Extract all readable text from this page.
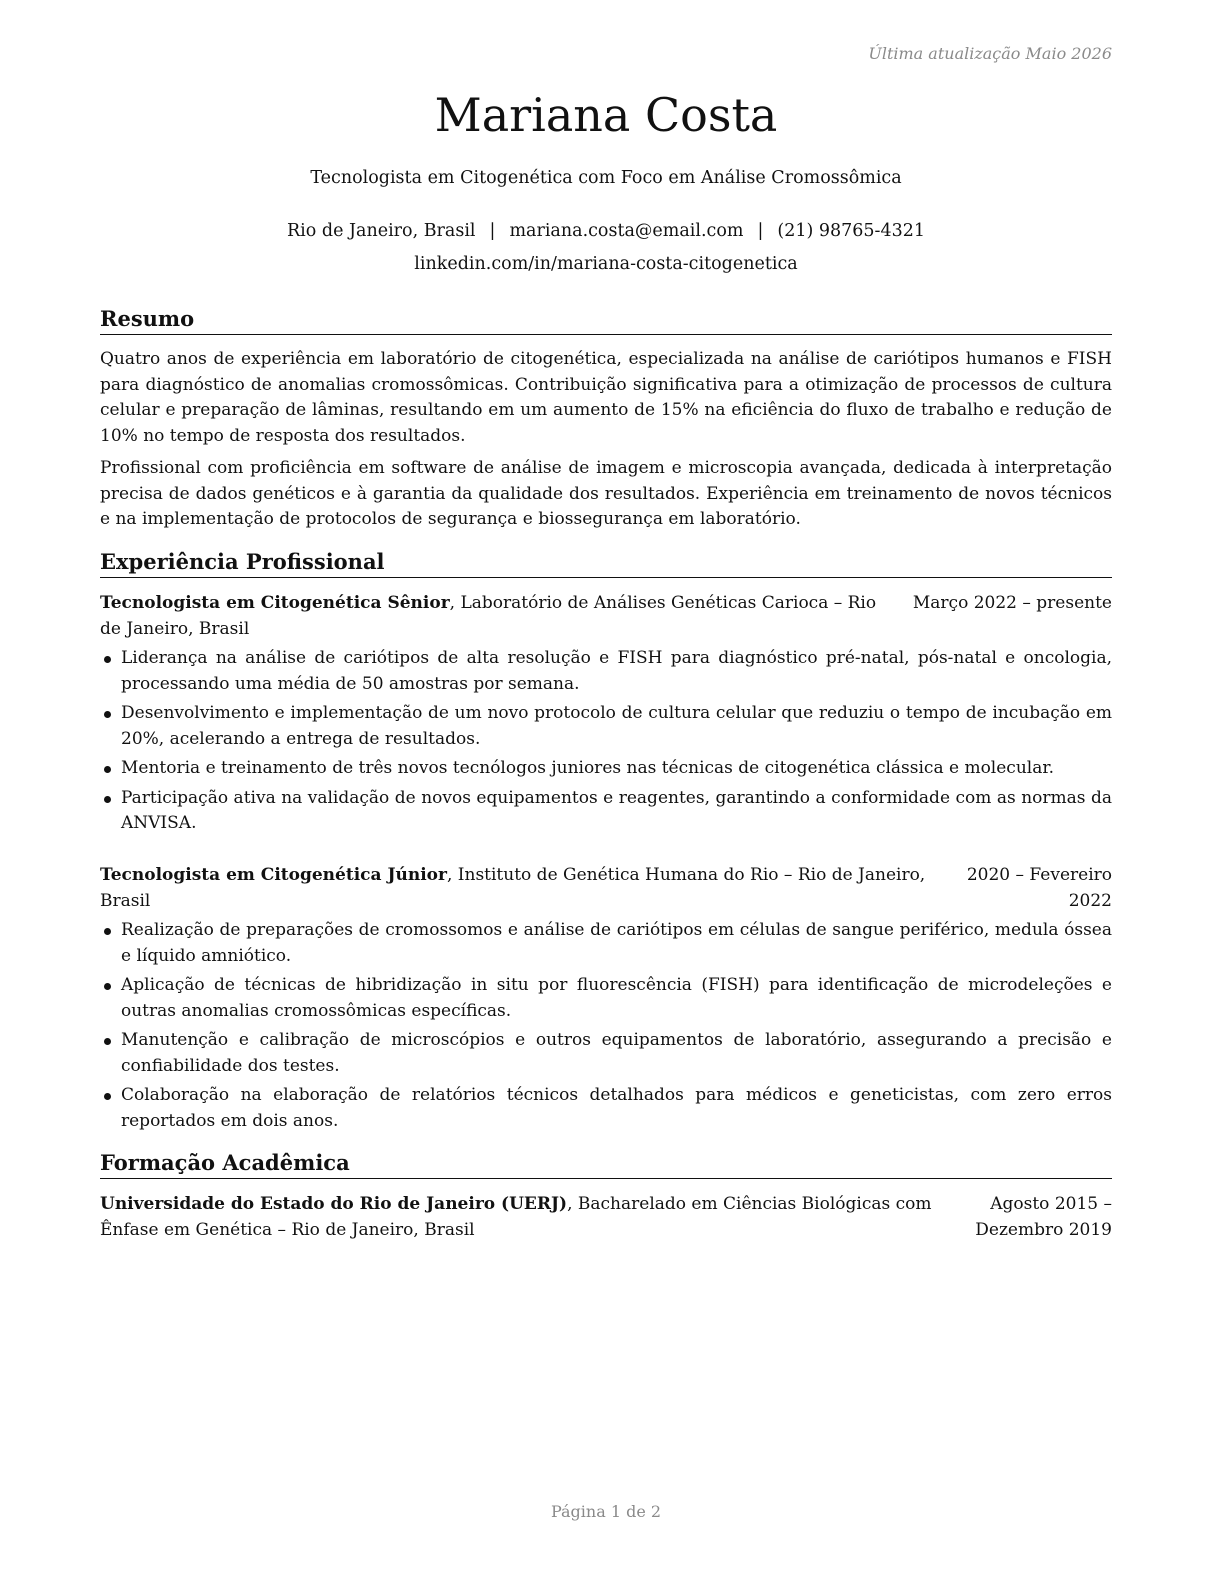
Última atualização Maio 2026
Mariana Costa
Tecnologista em Citogenética com Foco em Análise Cromossômica
Rio de Janeiro, Brasil | mariana.costa@email.com | (21) 98765-4321
linkedin.com/in/mariana-costa-citogenetica
Resumo

Quatro anos de experiência em laboratório de citogenética, especializada na análise de cariótipos humanos e FISH para diagnóstico de anomalias cromossômicas. Contribuição significativa para a otimização de processos de cultura celular e preparação de lâminas, resultando em um aumento de 15% na eficiência do fluxo de trabalho e redução de 10% no tempo de resposta dos resultados.

Profissional com proficiência em software de análise de imagem e microscopia avançada, dedicada à interpretação precisa de dados genéticos e à garantia da qualidade dos resultados. Experiência em treinamento de novos técnicos e na implementação de protocolos de segurança e biossegurança em laboratório.

Experiência Profissional
Tecnologista em Citogenética Sênior, Laboratório de Análises Genéticas Carioca – Rio de Janeiro, Brasil
Março 2022 – presente
Liderança na análise de cariótipos de alta resolução e FISH para diagnóstico pré-natal, pós-natal e oncologia, processando uma média de 50 amostras por semana.
Desenvolvimento e implementação de um novo protocolo de cultura celular que reduziu o tempo de incubação em 20%, acelerando a entrega de resultados.
Mentoria e treinamento de três novos tecnólogos juniores nas técnicas de citogenética clássica e molecular.
Participação ativa na validação de novos equipamentos e reagentes, garantindo a conformidade com as normas da ANVISA.
Tecnologista em Citogenética Júnior, Instituto de Genética Humana do Rio – Rio de Janeiro, Brasil
2020 – Fevereiro 2022
Realização de preparações de cromossomos e análise de cariótipos em células de sangue periférico, medula óssea e líquido amniótico.
Aplicação de técnicas de hibridização in situ por fluorescência (FISH) para identificação de microdeleções e outras anomalias cromossômicas específicas.
Manutenção e calibração de microscópios e outros equipamentos de laboratório, assegurando a precisão e confiabilidade dos testes.
Colaboração na elaboração de relatórios técnicos detalhados para médicos e geneticistas, com zero erros reportados em dois anos.
Formação Acadêmica
Universidade do Estado do Rio de Janeiro (UERJ), Bacharelado em Ciências Biológicas com Ênfase em Genética – Rio de Janeiro, Brasil
Agosto 2015 – Dezembro 2019
Página 1 de 2
